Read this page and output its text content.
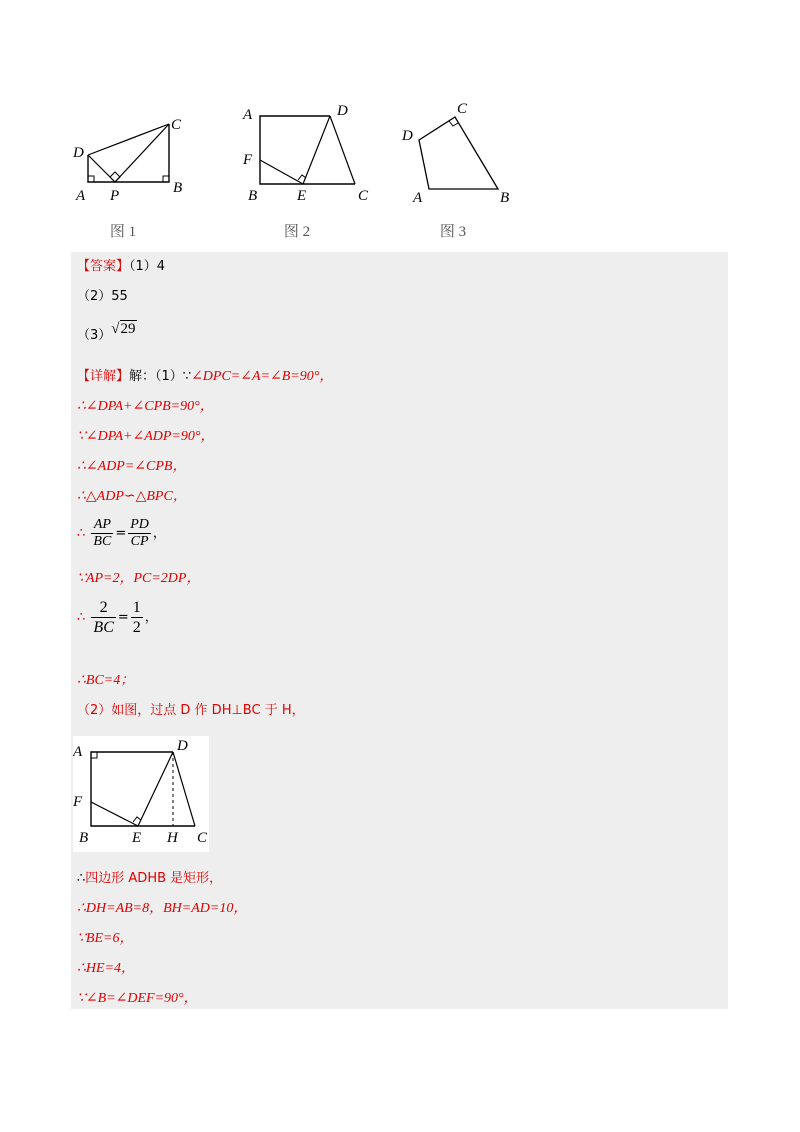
D
C
A P	B
图 1
A	D
F
B	E	C
图 2
D
C
A	B
图 3
【答案】（1）4
（2）55
（3）√29
【详解】解：（1）∵∠DPC=∠A=∠B=90°，
∴∠DPA+∠CPB=90°，
∵∠DPA+∠ADP=90°，
∴∠ADP=∠CPB，
∴△ADP∽△BPC，
∴ $\frac{AP}{BC} = \frac{PD}{CP}$ ，
∵AP=2，PC=2DP，
∴ $\frac{2}{BC} = \frac{1}{2}$ ，
∴BC=4；
（2）如图，过点 D 作 DH⊥BC 于 H，
A	D
F
B	E H C
∴四边形 ADHB 是矩形，
∴DH=AB=8，BH=AD=10，
∵BE=6，
∴HE=4，
∵∠B=∠DEF=90°，
